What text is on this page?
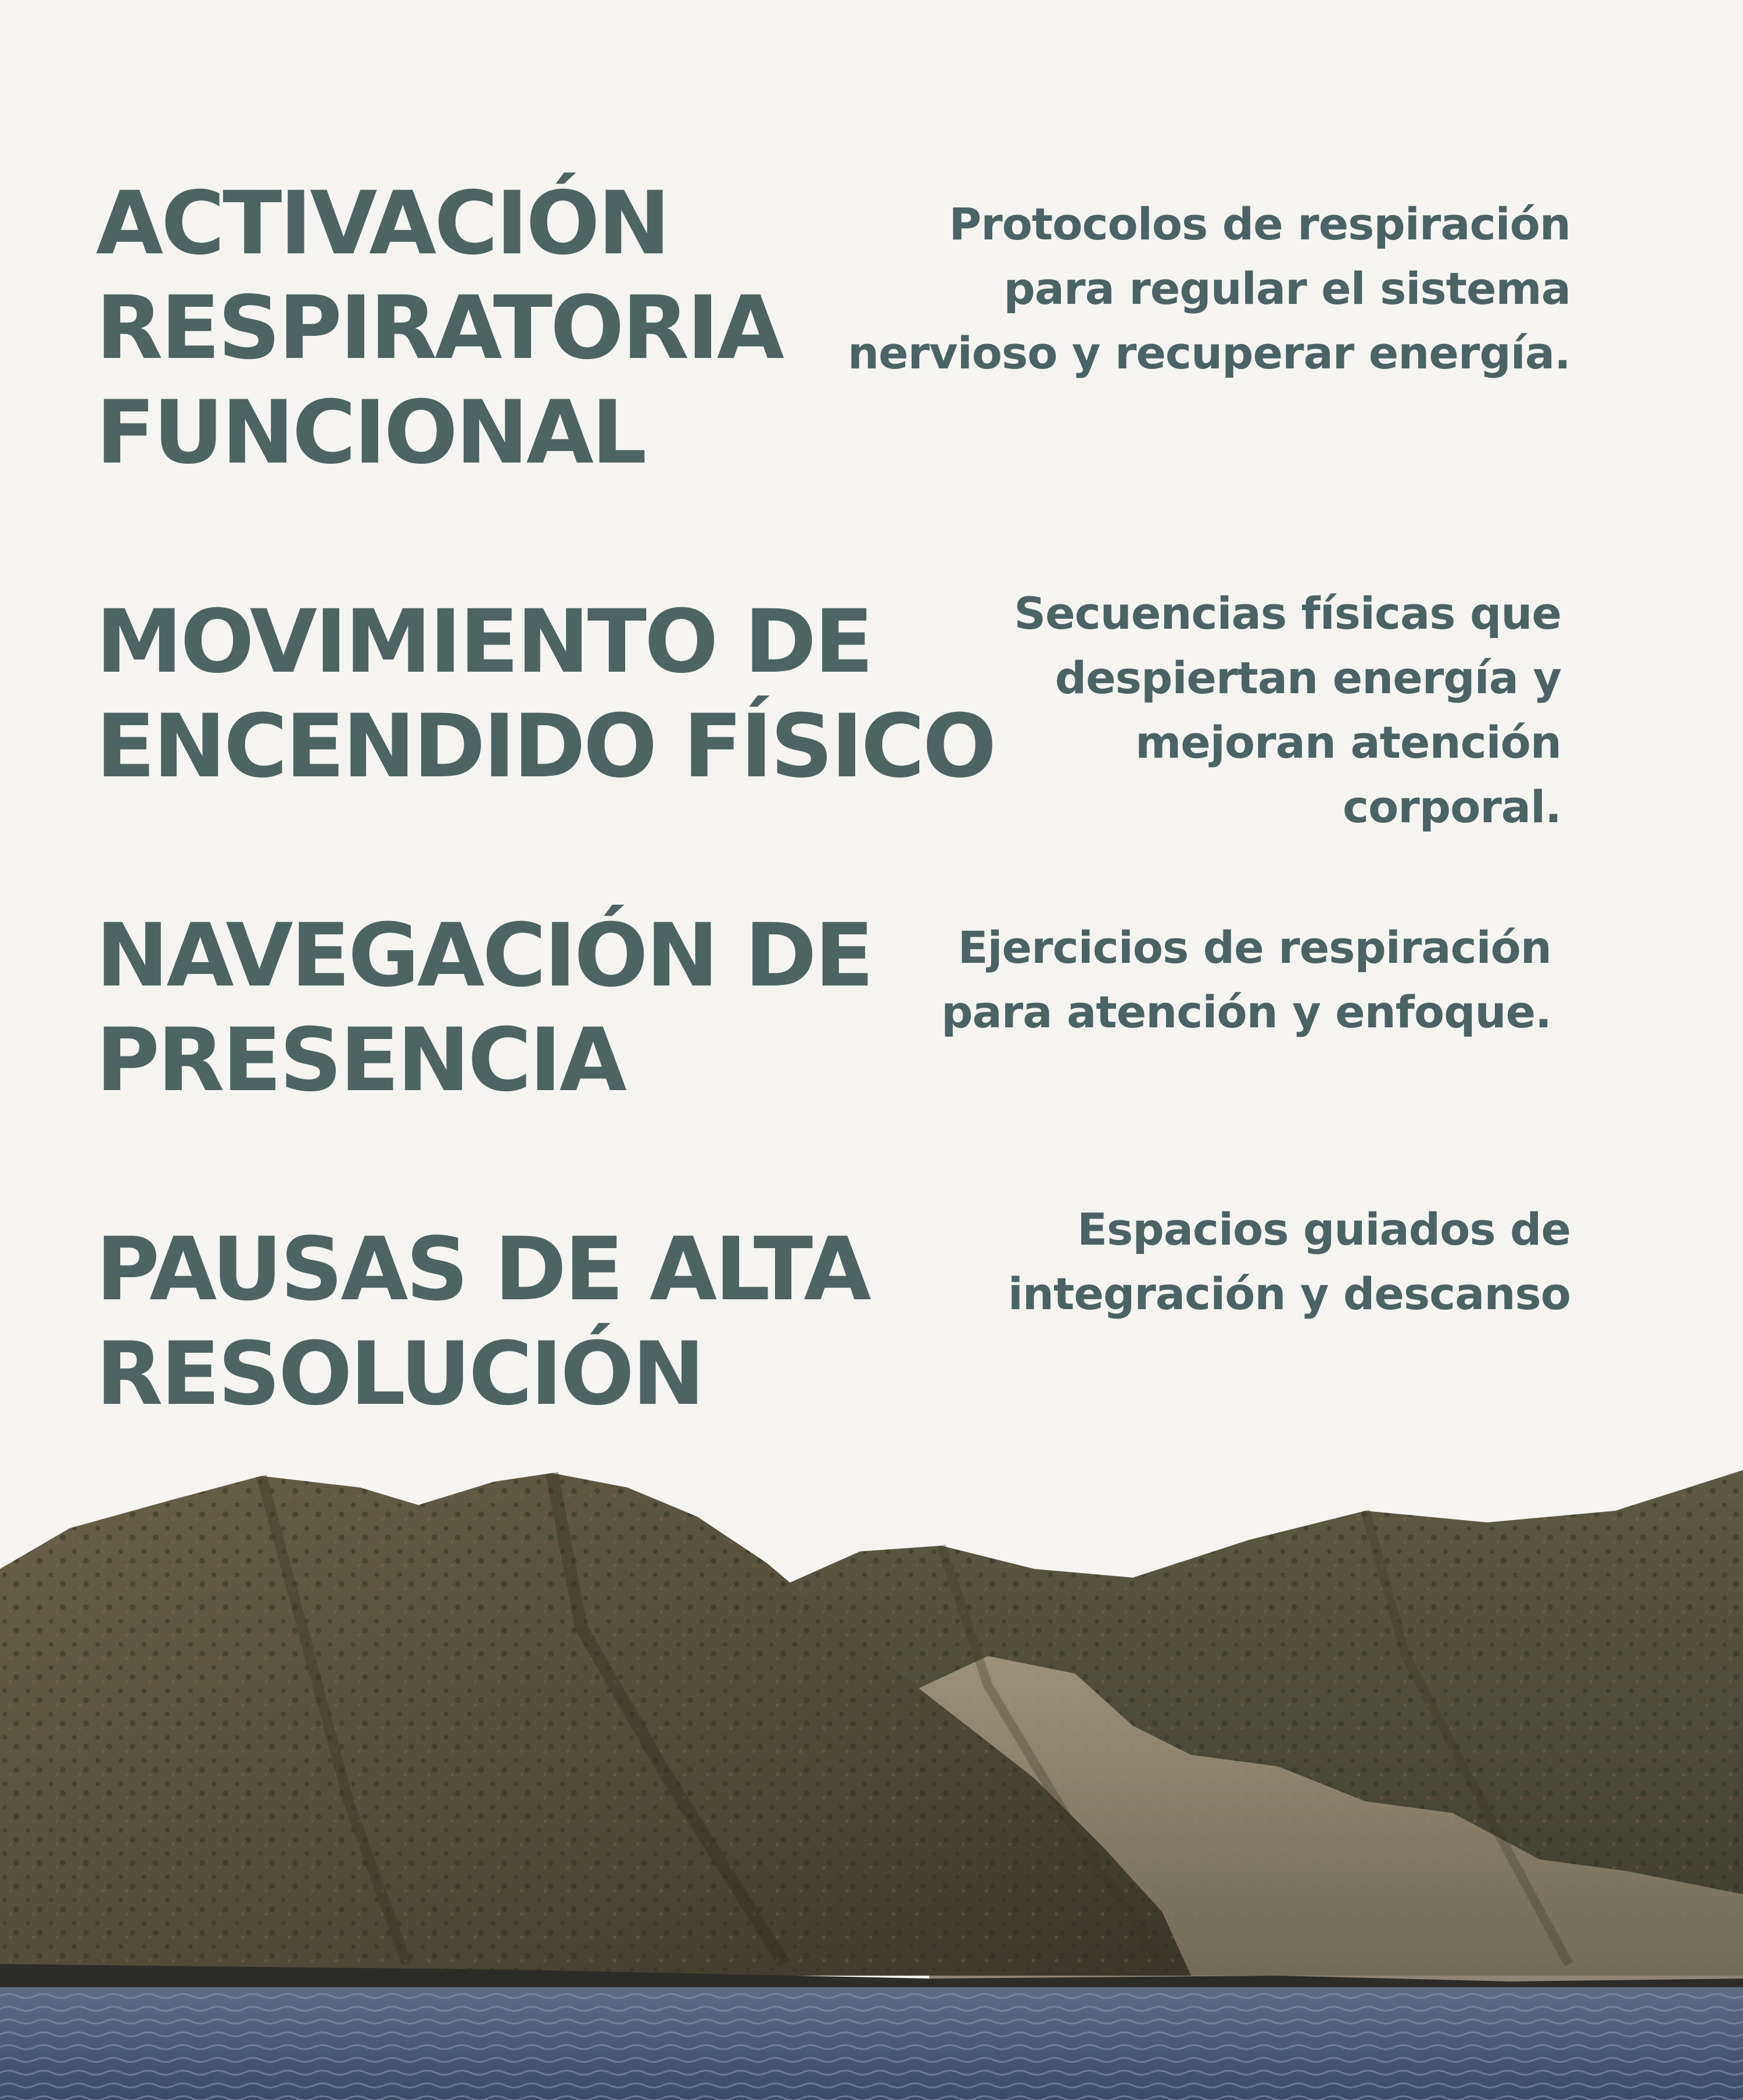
ACTIVACIÓN
RESPIRATORIA
FUNCIONAL

Protocolos de respiración
para regular el sistema
nervioso y recuperar energía.

MOVIMIENTO DE
ENCENDIDO FÍSICO

Secuencias físicas que
despiertan energía y
mejoran atención
corporal.

NAVEGACIÓN DE
PRESENCIA

Ejercicios de respiración
para atención y enfoque.

PAUSAS DE ALTA
RESOLUCIÓN

Espacios guiados de
integración y descanso
